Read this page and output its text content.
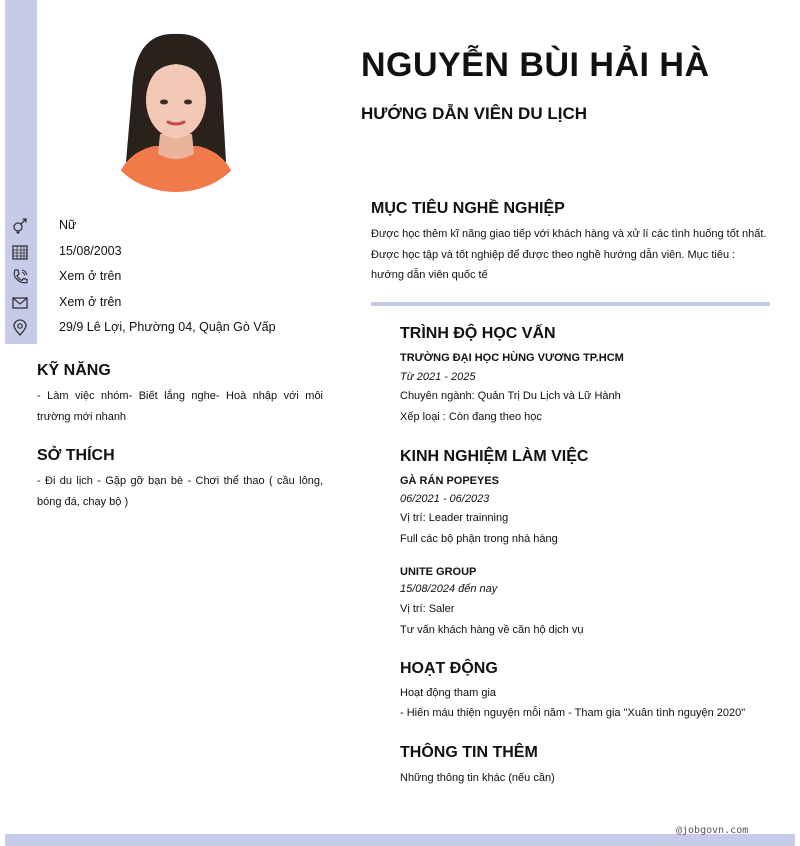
NGUYỄN BÙI HẢI HÀ
HƯỚNG DẪN VIÊN DU LỊCH
Nữ
15/08/2003
Xem ở trên
Xem ở trên
29/9 Lê Lợi, Phường 04, Quận Gò Vấp
KỸ NĂNG
- Làm việc nhóm- Biết lắng nghe- Hoà nhập với môi trường mới nhanh
SỞ THÍCH
- Đi du lịch - Gặp gỡ bạn bè - Chơi thể thao ( cầu lông, bóng đá, chạy bộ )
MỤC TIÊU NGHỀ NGHIỆP
Được học thêm kĩ năng giao tiếp với khách hàng và xử lí các tình huống tốt nhất. Được học tập và tốt nghiệp để được theo nghề hướng dẫn viên. Mục tiêu : hướng dẫn viên quốc tế
TRÌNH ĐỘ HỌC VẤN
TRƯỜNG ĐẠI HỌC HÙNG VƯƠNG TP.HCM
Từ 2021 - 2025
Chuyên ngành: Quản Trị Du Lịch và Lữ Hành
Xếp loại : Còn đang theo học
KINH NGHIỆM LÀM VIỆC
GÀ RÁN POPEYES
06/2021 - 06/2023
Vị trí: Leader trainning
Full các bộ phận trong nhà hàng
UNITE GROUP
15/08/2024 đến nay
Vị trí: Saler
Tư vấn khách hàng về căn hộ dịch vụ
HOẠT ĐỘNG
Hoạt động tham gia
- Hiến máu thiện nguyện mỗi năm - Tham gia "Xuân tình nguyện 2020"
THÔNG TIN THÊM
Những thông tin khác (nếu cần)
@jobgovn.com
